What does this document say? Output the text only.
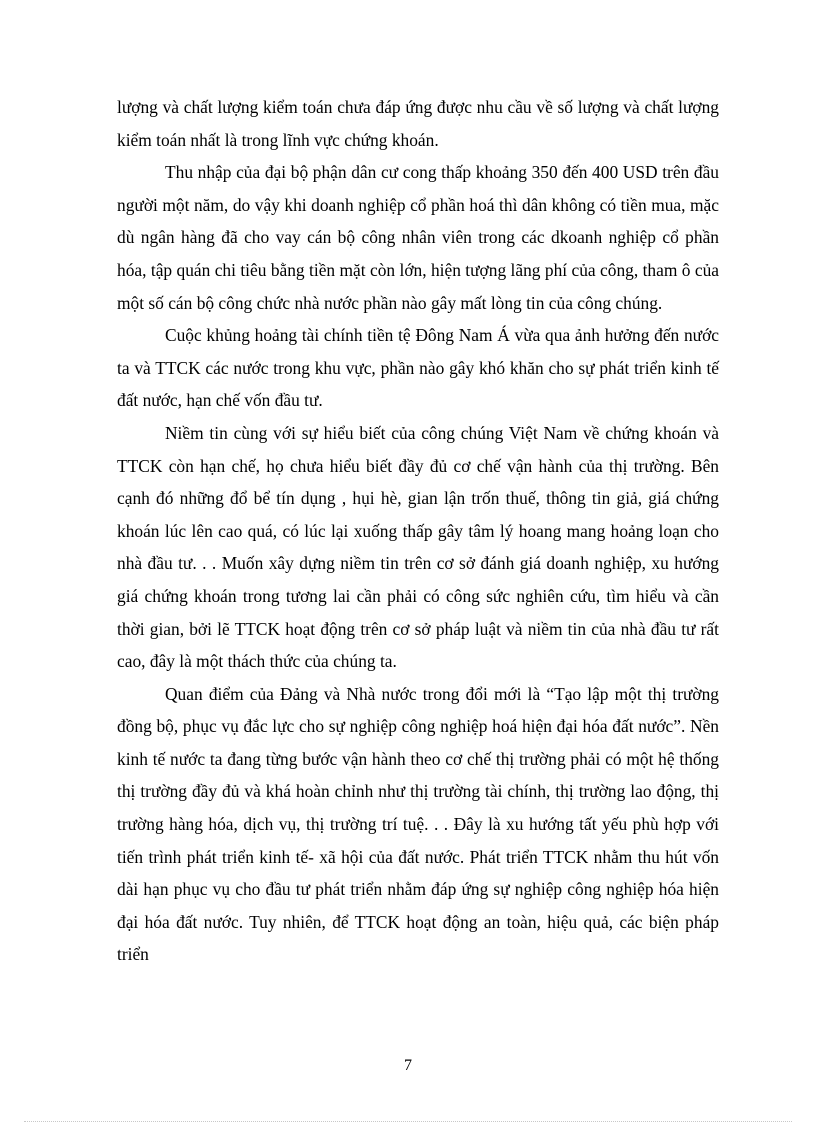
lượng và chất lượng kiểm toán chưa đáp ứng được nhu cầu về số lượng và chất lượng kiểm toán nhất là trong lĩnh vực chứng khoán.

Thu nhập của đại bộ phận dân cư cong thấp khoảng 350 đến 400 USD trên đầu người một năm, do vậy khi doanh nghiệp cổ phần hoá thì dân không có tiền mua, mặc dù ngân hàng đã cho vay cán bộ công nhân viên trong các dkoanh nghiệp cổ phần hóa, tập quán chi tiêu bằng tiền mặt còn lớn, hiện tượng lãng phí của công, tham ô của một số cán bộ công chức nhà nước phần nào gây mất lòng tin của công chúng.

Cuộc khủng hoảng tài chính tiền tệ Đông Nam Á vừa qua ảnh hưởng đến nước ta và TTCK các nước trong khu vực, phần nào gây khó khăn cho sự phát triển kinh tế đất nước, hạn chế vốn đầu tư.

Niềm tin cùng với sự hiểu biết của công chúng Việt Nam về chứng khoán và TTCK còn hạn chế, họ chưa hiểu biết đầy đủ cơ chế vận hành của thị trường. Bên cạnh đó những đổ bể tín dụng , hụi hè, gian lận trốn thuế, thông tin giả, giá chứng khoán lúc lên cao quá, có lúc lại xuống thấp gây tâm lý hoang mang hoảng loạn cho nhà đầu tư. . . Muốn xây dựng niềm tin trên cơ sở đánh giá doanh nghiệp, xu hướng giá chứng khoán trong tương lai cần phải có công sức nghiên cứu, tìm hiểu và cần thời gian, bởi lẽ TTCK hoạt động trên cơ sở pháp luật và niềm tin của nhà đầu tư rất cao, đây là một thách thức của chúng ta.

Quan điểm của Đảng và Nhà nước trong đổi mới là “Tạo lập một thị trường đồng bộ, phục vụ đắc lực cho sự nghiệp công nghiệp hoá hiện đại hóa đất nước”. Nền kinh tế nước ta đang từng bước vận hành theo cơ chế thị trường phải có một hệ thống thị trường đầy đủ và khá hoàn chỉnh như thị trường tài chính, thị trường lao động, thị trường hàng hóa, dịch vụ, thị trường trí tuệ. . . Đây là xu hướng tất yếu phù hợp với tiến trình phát triển kinh tế- xã hội của đất nước. Phát triển TTCK nhằm thu hút vốn dài hạn phục vụ cho đầu tư phát triển nhằm đáp ứng sự nghiệp công nghiệp hóa hiện đại hóa đất nước. Tuy nhiên, để TTCK hoạt động an toàn, hiệu quả, các biện pháp triển

7
